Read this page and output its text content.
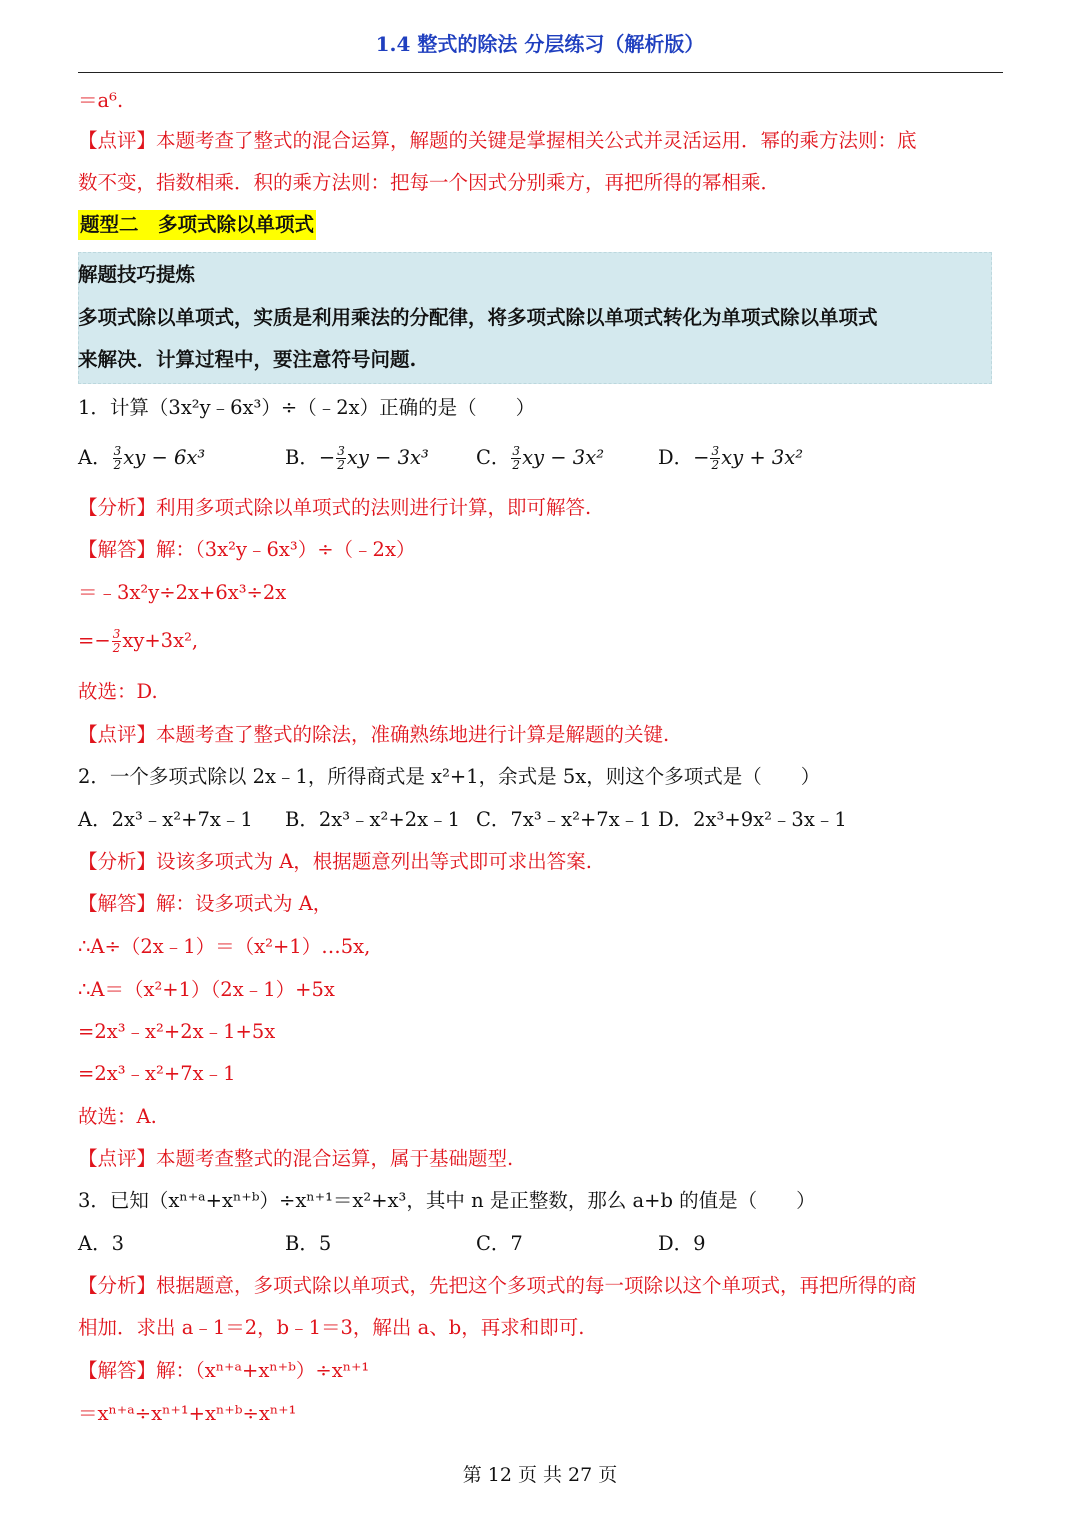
1.4 整式的除法 分层练习（解析版）
＝a⁶.
【点评】本题考查了整式的混合运算，解题的关键是掌握相关公式并灵活运用．幂的乘方法则：底
数不变，指数相乘．积的乘方法则：把每一个因式分别乘方，再把所得的幂相乘．
题型二　多项式除以单项式
解题技巧提炼
多项式除以单项式，实质是利用乘法的分配律，将多项式除以单项式转化为单项式除以单项式
来解决．计算过程中，要注意符号问题.
1．计算（3x²y﹣6x³）÷（﹣2x）正确的是（　　）
A． $\frac{3}{2}$ xy − 6x³	B．− $\frac{3}{2}$ xy − 3x³ C． $\frac{3}{2}$ xy − 3x²	D．− $\frac{3}{2}$ xy + 3x²
【分析】利用多项式除以单项式的法则进行计算，即可解答.
【解答】解：（3x²y﹣6x³）÷（﹣2x）
＝﹣3x²y÷2x+6x³÷2x
=− $\frac{3}{2} xy+3x^2$,
故选：D.
【点评】本题考查了整式的除法，准确熟练地进行计算是解题的关键.
2．一个多项式除以 2x﹣1，所得商式是 x²+1，余式是 5x，则这个多项式是（　　）
A．2x³﹣x²+7x﹣1 B．2x³﹣x²+2x﹣1 C．7x³﹣x²+7x﹣1 D．2x³+9x²﹣3x﹣1
【分析】设该多项式为 A，根据题意列出等式即可求出答案.
【解答】解：设多项式为 A，
∴A÷（2x﹣1）＝（x²+1）…5x,
∴A＝（x²+1）（2x﹣1）+5x
=2x³﹣x²+2x﹣1+5x
=2x³﹣x²+7x﹣1
故选：A.
【点评】本题考查整式的混合运算，属于基础题型.
3．已知（xⁿ⁺ᵃ+xⁿ⁺ᵇ）÷xⁿ⁺¹＝x²+x³，其中 n 是正整数，那么 a+b 的值是（　　）
A．3	B．5	C．7	D．9
【分析】根据题意，多项式除以单项式，先把这个多项式的每一项除以这个单项式，再把所得的商
相加．求出 a﹣1＝2，b﹣1＝3，解出 a、b，再求和即可.
【解答】解：（xⁿ⁺ᵃ+xⁿ⁺ᵇ）÷xⁿ⁺¹
＝xⁿ⁺ᵃ÷xⁿ⁺¹+xⁿ⁺ᵇ÷xⁿ⁺¹
第 12 页 共 27 页
